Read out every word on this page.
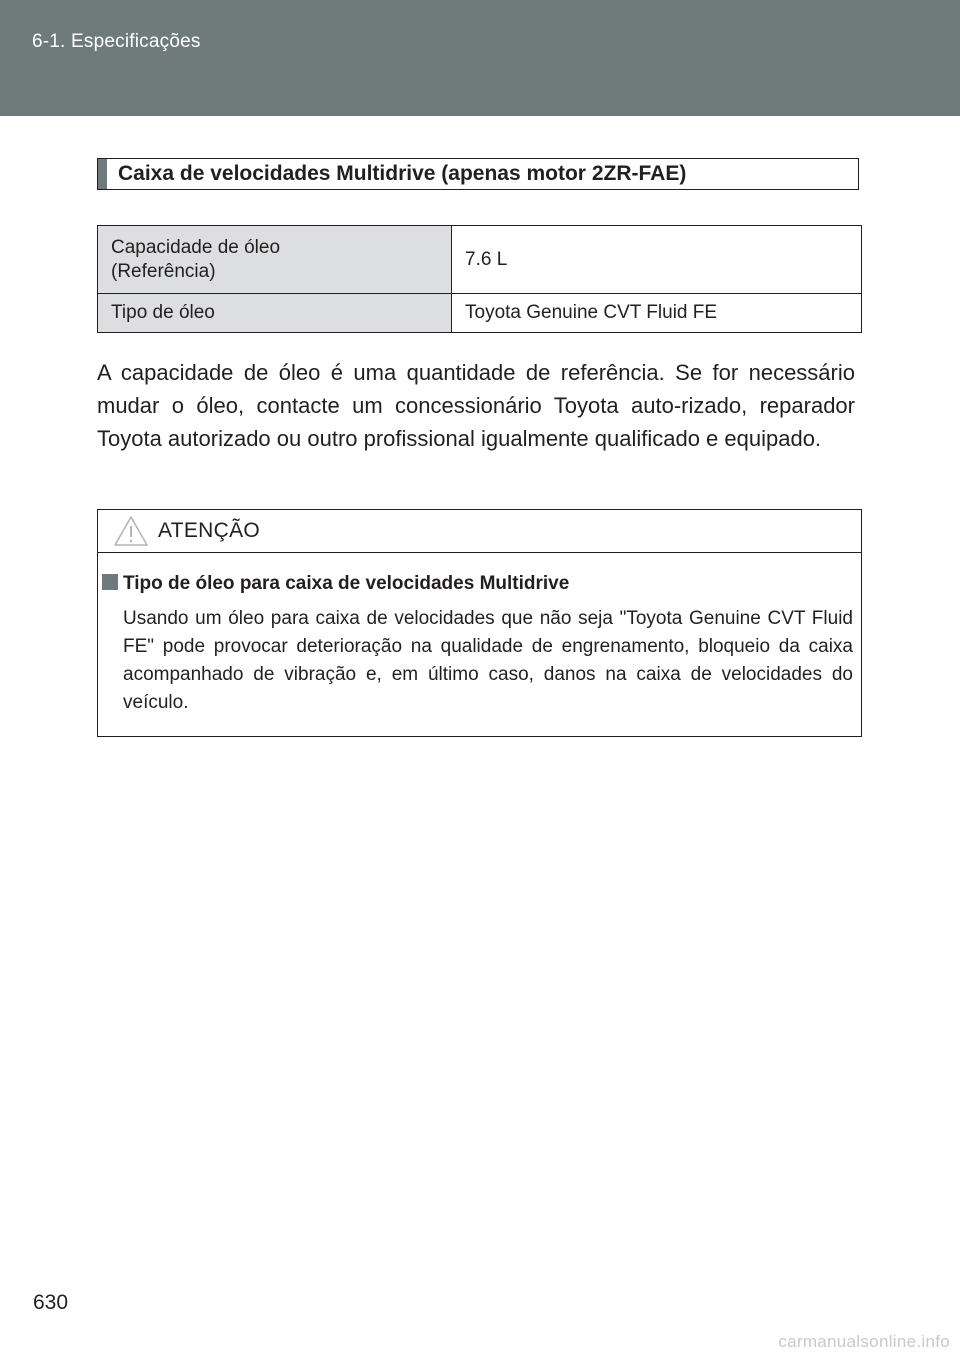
6-1. Especificações
Caixa de velocidades Multidrive (apenas motor 2ZR-FAE)
Capacidade de óleo
(Referência)	7.6 L
Tipo de óleo	Toyota Genuine CVT Fluid FE

A capacidade de óleo é uma quantidade de referência. Se for necessário mudar o óleo, contacte um concessionário Toyota auto-rizado, reparador Toyota autorizado ou outro profissional igualmente qualificado e equipado.

ATENÇÃO
Tipo de óleo para caixa de velocidades Multidrive

Usando um óleo para caixa de velocidades que não seja "Toyota Genuine CVT Fluid FE" pode provocar deterioração na qualidade de engrenamento, bloqueio da caixa acompanhado de vibração e, em último caso, danos na caixa de velocidades do veículo.

630
carmanualsonline.info
